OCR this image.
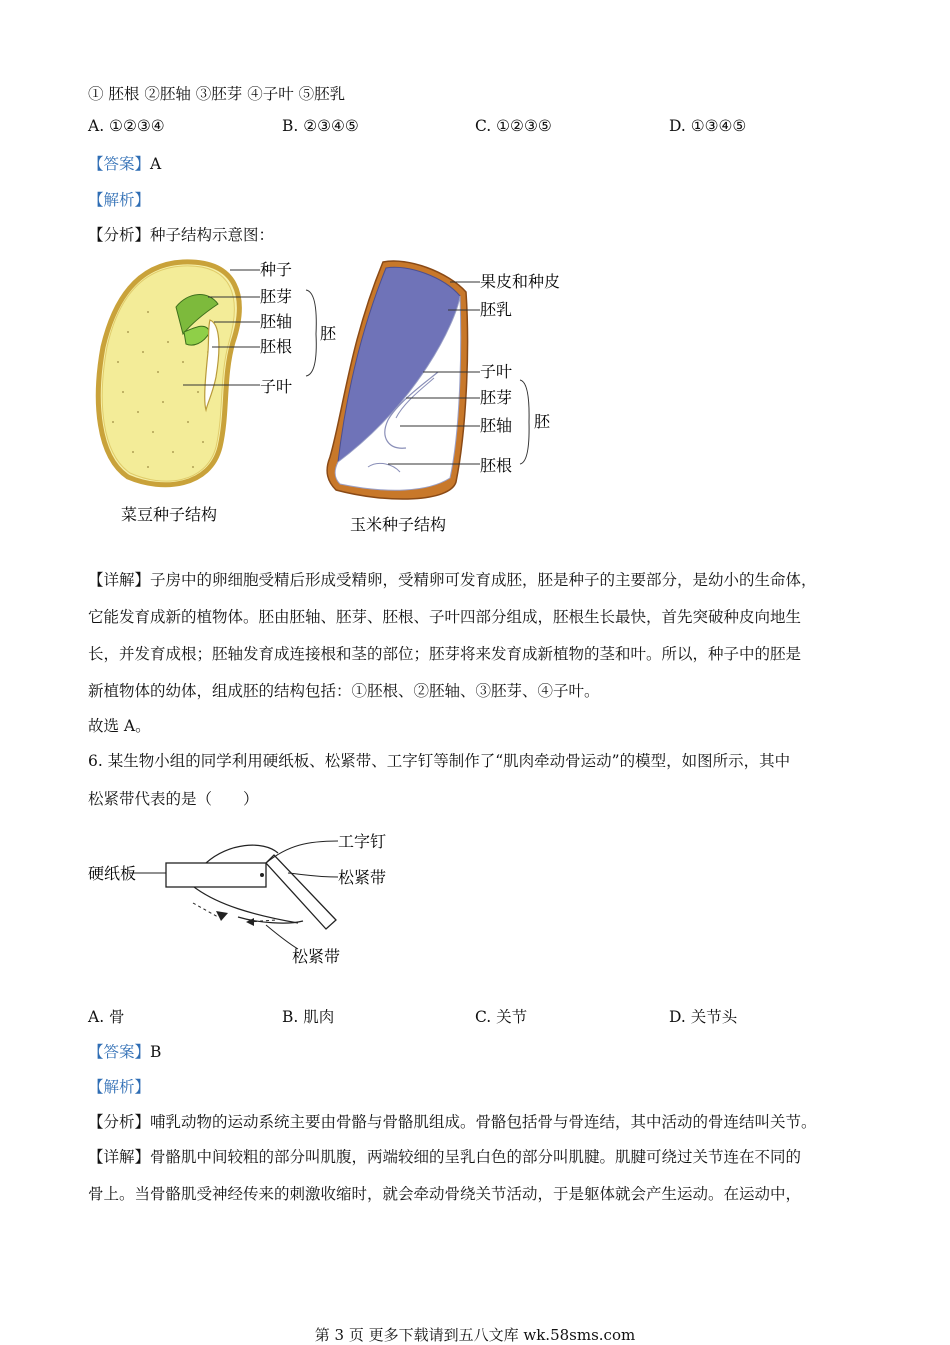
① 胚根 ②胚轴 ③胚芽 ④子叶 ⑤胚乳
A. ①②③④	B. ②③④⑤	C. ①②③⑤	D. ①③④⑤
【答案】A
【解析】
【分析】种子结构示意图：
种子
胚芽
胚轴
胚根
子叶
胚
菜豆种子结构
果皮和种皮
胚乳
子叶
胚芽
胚轴
胚根
胚
玉米种子结构
【详解】子房中的卵细胞受精后形成受精卵，受精卵可发育成胚，胚是种子的主要部分，是幼小的生命体，
它能发育成新的植物体。胚由胚轴、胚芽、胚根、子叶四部分组成，胚根生长最快，首先突破种皮向地生
长，并发育成根；胚轴发育成连接根和茎的部位；胚芽将来发育成新植物的茎和叶。所以，种子中的胚是
新植物体的幼体，组成胚的结构包括：①胚根、②胚轴、③胚芽、④子叶。
故选 A。
6. 某生物小组的同学利用硬纸板、松紧带、工字钉等制作了“肌肉牵动骨运动”的模型，如图所示，其中
松紧带代表的是（　　）
硬纸板
工字钉
松紧带
松紧带
A. 骨	B. 肌肉	C. 关节	D. 关节头
【答案】B
【解析】
【分析】哺乳动物的运动系统主要由骨骼与骨骼肌组成。骨骼包括骨与骨连结，其中活动的骨连结叫关节。
【详解】骨骼肌中间较粗的部分叫肌腹，两端较细的呈乳白色的部分叫肌腱。肌腱可绕过关节连在不同的
骨上。当骨骼肌受神经传来的刺激收缩时，就会牵动骨绕关节活动，于是躯体就会产生运动。在运动中，
第 3 页 更多下载请到五八文库 wk.58sms.com
